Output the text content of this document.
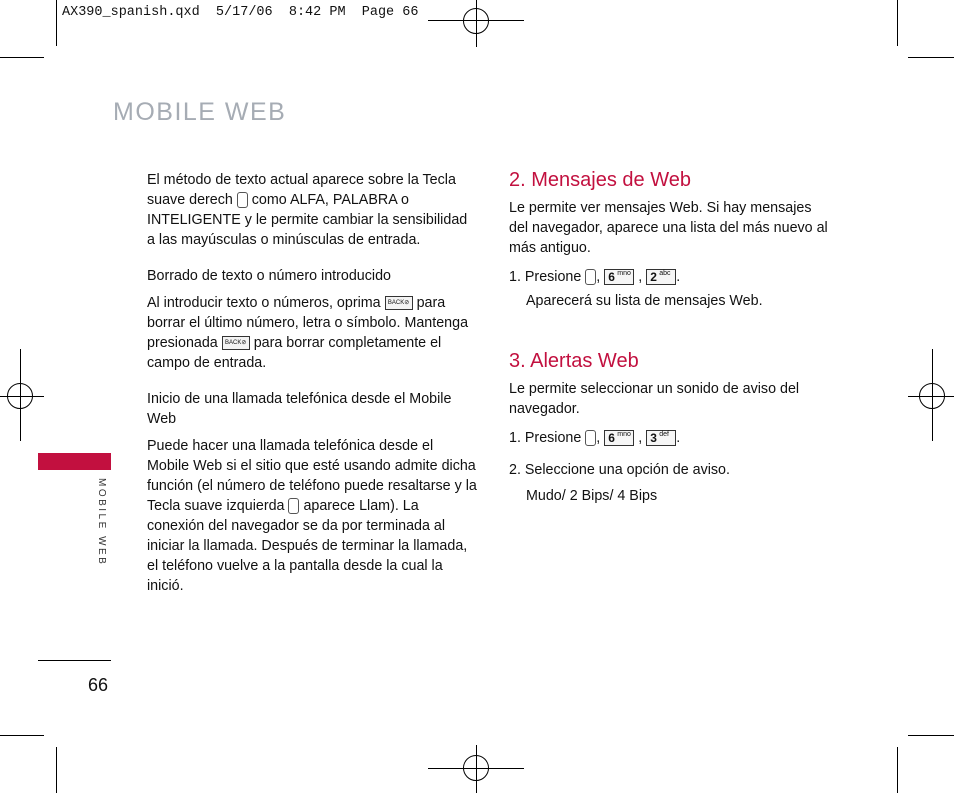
AX390_spanish.qxd  5/17/06  8:42 PM  Page 66
MOBILE WEB
MOBILE WEB
66
El método de texto actual aparece sobre la Tecla suave derech  como ALFA, PALABRA o INTELIGENTE y le permite cambiar la sensibilidad a las mayúsculas o minúsculas de entrada.
Borrado de texto o número introducido
Al introducir texto o números, oprima BACK⊘ para borrar el último número, letra o símbolo. Mantenga presionada BACK⊘ para borrar completamente el campo de entrada.
Inicio de una llamada telefónica desde el Mobile Web
Puede hacer una llamada telefónica desde el Mobile Web si el sitio que esté usando admite dicha función (el número de teléfono puede resaltarse y la Tecla suave izquierda  aparece Llam). La conexión del navegador se da por terminada al iniciar la llamada. Después de terminar la llamada, el teléfono vuelve a la pantalla desde la cual la inició.
2. Mensajes de Web
Le permite ver mensajes Web. Si hay mensajes del navegador, aparece una lista del más nuevo al más antiguo.
1. Presione , 6 mno , 2 abc .
Aparecerá su lista de mensajes Web.
3. Alertas Web
Le permite seleccionar un sonido de aviso del navegador.
1. Presione , 6 mno , 3 def .
2. Seleccione una opción de aviso.
Mudo/ 2 Bips/ 4 Bips
